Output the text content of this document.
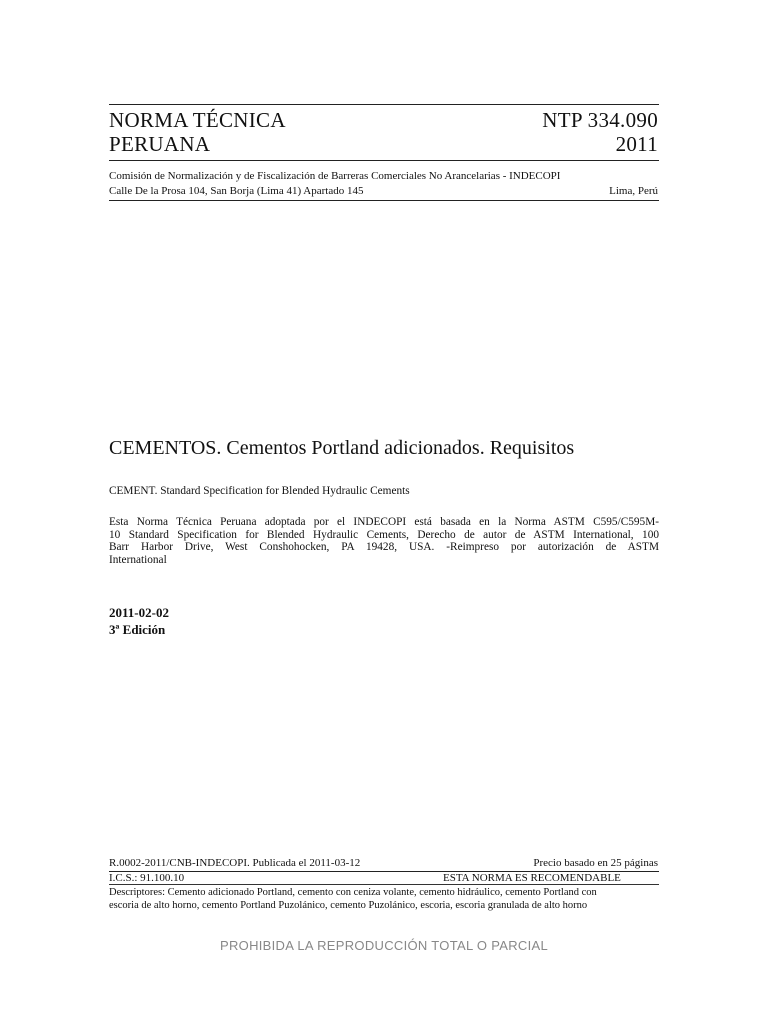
NORMA TÉCNICA
PERUANA
NTP 334.090
2011
Comisión de Normalización y de Fiscalización de Barreras Comerciales No Arancelarias - INDECOPI
Calle De la Prosa 104, San Borja (Lima 41) Apartado 145	Lima, Perú
CEMENTOS. Cementos Portland adicionados. Requisitos
CEMENT. Standard Specification for Blended Hydraulic Cements
Esta Norma Técnica Peruana adoptada por el INDECOPI está basada en la Norma ASTM C595/C595M-
10 Standard Specification for Blended Hydraulic Cements, Derecho de autor de ASTM International, 100
Barr Harbor Drive, West Conshohocken, PA 19428, USA. -Reimpreso por autorización de ASTM
International
2011-02-02
3ª Edición
R.0002-2011/CNB-INDECOPI. Publicada el 2011-03-12	Precio basado en 25 páginas
I.C.S.: 91.100.10	ESTA NORMA ES RECOMENDABLE
Descriptores: Cemento adicionado Portland, cemento con ceniza volante, cemento hidráulico, cemento Portland con
escoria de alto horno, cemento Portland Puzolánico, cemento Puzolánico, escoria, escoria granulada de alto horno
PROHIBIDA LA REPRODUCCIÓN TOTAL O PARCIAL
